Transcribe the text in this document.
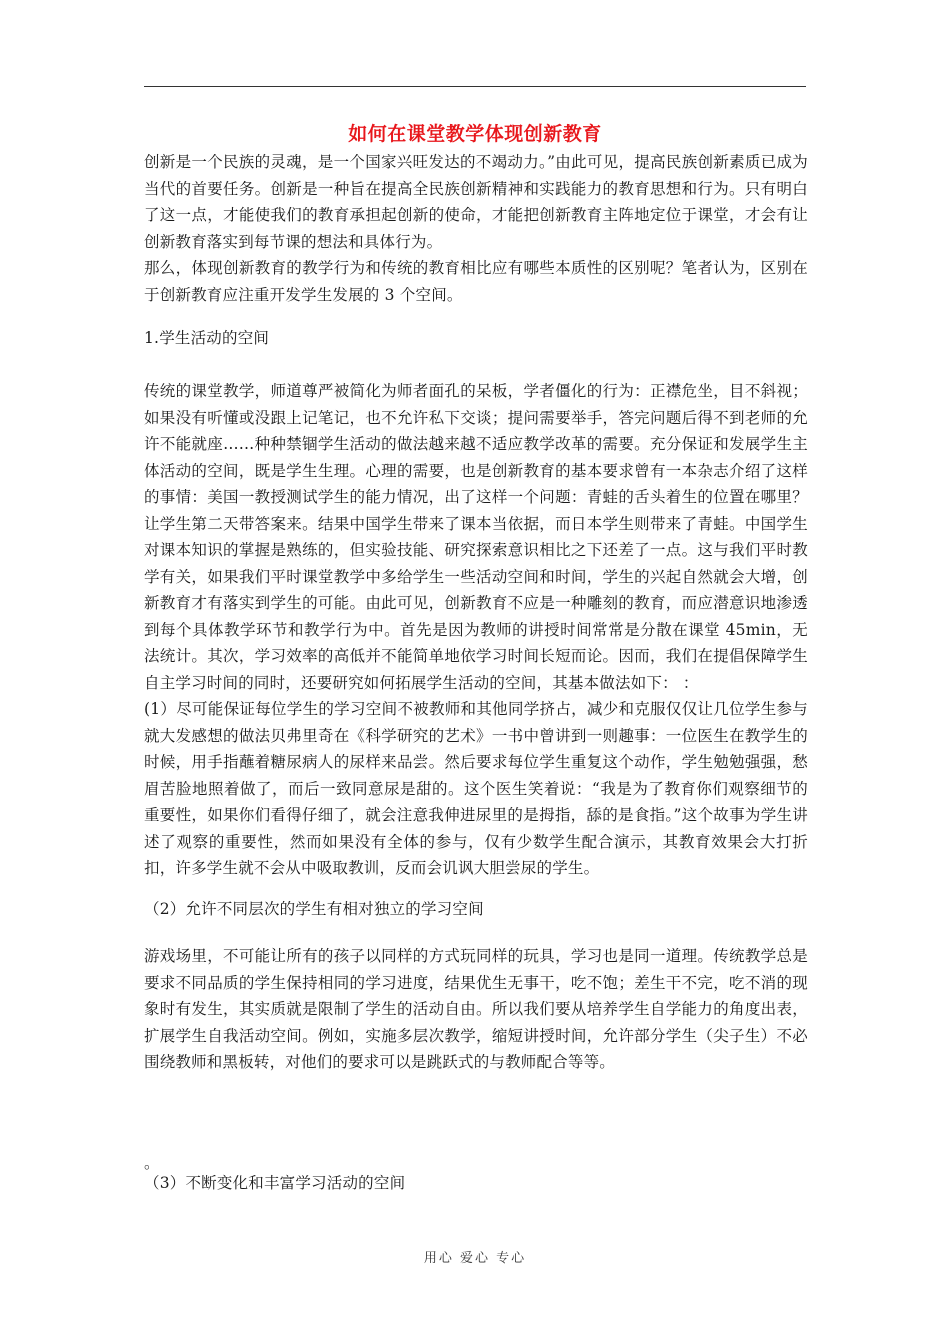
如何在课堂教学体现创新教育
创新是一个民族的灵魂，是一个国家兴旺发达的不竭动力。”由此可见，提高民族创新素质已成为当代的首要任务。创新是一种旨在提高全民族创新精神和实践能力的教育思想和行为。只有明白了这一点，才能使我们的教育承担起创新的使命，才能把创新教育主阵地定位于课堂，才会有让创新教育落实到每节课的想法和具体行为。
那么，体现创新教育的教学行为和传统的教育相比应有哪些本质性的区别呢？笔者认为，区别在于创新教育应注重开发学生发展的 3 个空间。
1.学生活动的空间
传统的课堂教学，师道尊严被简化为师者面孔的呆板，学者僵化的行为：正襟危坐，目不斜视；如果没有听懂或没跟上记笔记，也不允许私下交谈；提问需要举手，答完问题后得不到老师的允许不能就座……种种禁锢学生活动的做法越来越不适应教学改革的需要。充分保证和发展学生主体活动的空间，既是学生生理。心理的需要，也是创新教育的基本要求曾有一本杂志介绍了这样的事情：美国一教授测试学生的能力情况，出了这样一个问题：青蛙的舌头着生的位置在哪里？让学生第二天带答案来。结果中国学生带来了课本当依据，而日本学生则带来了青蛙。中国学生对课本知识的掌握是熟练的，但实验技能、研究探索意识相比之下还差了一点。这与我们平时教学有关，如果我们平时课堂教学中多给学生一些活动空间和时间，学生的兴起自然就会大增，创新教育才有落实到学生的可能。由此可见，创新教育不应是一种雕刻的教育，而应潜意识地渗透到每个具体教学环节和教学行为中。首先是因为教师的讲授时间常常是分散在课堂 45min，无法统计。其次，学习效率的高低并不能简单地依学习时间长短而论。因而，我们在提倡保障学生自主学习时间的同时，还要研究如何拓展学生活动的空间，其基本做法如下： ：
(1）尽可能保证每位学生的学习空间不被教师和其他同学挤占，减少和克服仅仅让几位学生参与就大发感想的做法贝弗里奇在《科学研究的艺术》一书中曾讲到一则趣事：一位医生在教学生的时候，用手指蘸着糖尿病人的尿样来品尝。然后要求每位学生重复这个动作，学生勉勉强强，愁眉苦脸地照着做了，而后一致同意尿是甜的。这个医生笑着说：“我是为了教育你们观察细节的重要性，如果你们看得仔细了，就会注意我伸进尿里的是拇指，舔的是食指。”这个故事为学生讲述了观察的重要性，然而如果没有全体的参与，仅有少数学生配合演示，其教育效果会大打折扣，许多学生就不会从中吸取教训，反而会讥讽大胆尝尿的学生。
（2）允许不同层次的学生有相对独立的学习空间
游戏场里，不可能让所有的孩子以同样的方式玩同样的玩具，学习也是同一道理。传统教学总是要求不同品质的学生保持相同的学习进度，结果优生无事干，吃不饱；差生干不完，吃不消的现象时有发生，其实质就是限制了学生的活动自由。所以我们要从培养学生自学能力的角度出表，扩展学生自我活动空间。例如，实施多层次教学，缩短讲授时间，允许部分学生（尖子生）不必围绕教师和黑板转，对他们的要求可以是跳跃式的与教师配合等等。
。
（3）不断变化和丰富学习活动的空间
用心 爱心 专心
